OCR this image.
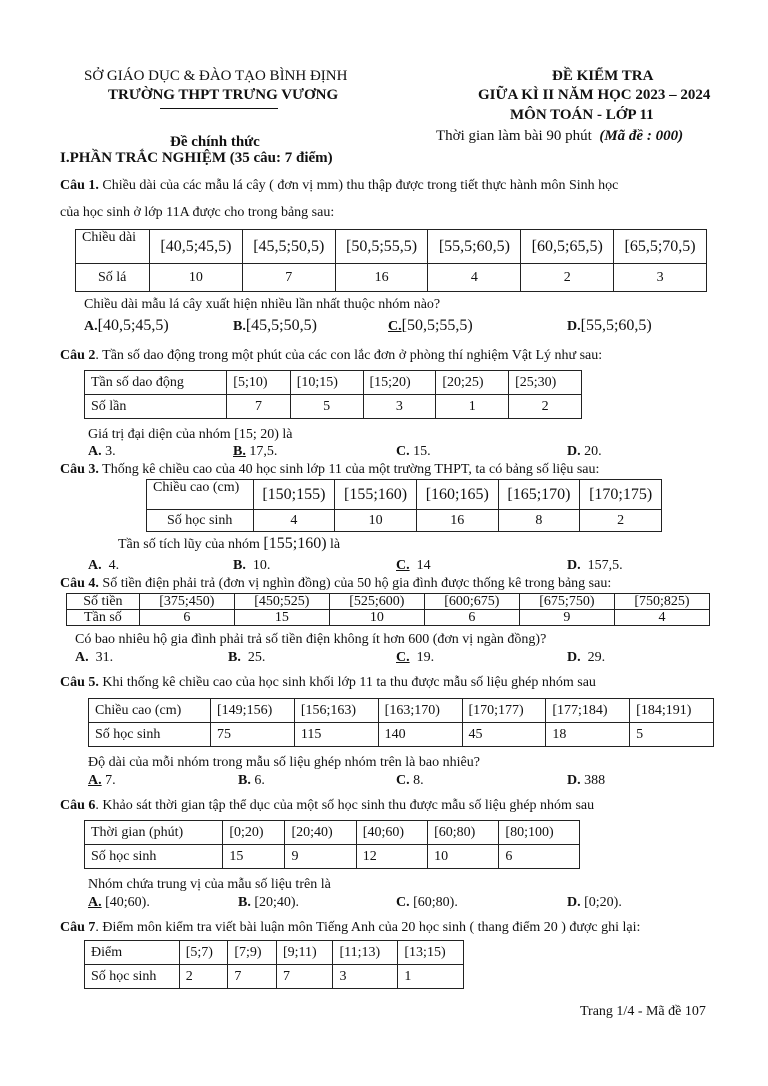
SỞ GIÁO DỤC & ĐÀO TẠO BÌNH ĐỊNH
TRƯỜNG THPT TRƯNG VƯƠNG
Đề chính thức
ĐỀ KIỂM TRA
GIỮA KÌ II NĂM HỌC 2023 – 2024
MÔN TOÁN - LỚP 11
Thời gian làm bài 90 phút (Mã đề : 000)
I.PHẦN TRẮC NGHIỆM (35 câu: 7 điểm)
Câu 1. Chiều dài của các mẫu lá cây ( đơn vị mm) thu thập được trong tiết thực hành môn Sinh học
của học sinh ở lớp 11A được cho trong bảng sau:
Chiều dài	[40,5;45,5)	[45,5;50,5)	[50,5;55,5)	[55,5;60,5)	[60,5;65,5)	[65,5;70,5)
Số lá	10	7	16	4	2	3
Chiều dài mẫu lá cây xuất hiện nhiều lần nhất thuộc nhóm nào?
A.[40,5;45,5)	B.[45,5;50,5)	C.[50,5;55,5)	D.[55,5;60,5)
Câu 2. Tần số dao động trong một phút của các con lắc đơn ở phòng thí nghiệm Vật Lý như sau:
Tần số dao động	[5;10)	[10;15)	[15;20)	[20;25)	[25;30)
Số lần	7	5	3	1	2
Giá trị đại diện của nhóm [15; 20) là
A. 3.	B. 17,5.	C. 15.	D. 20.
Câu 3. Thống kê chiều cao của 40 học sinh lớp 11 của một trường THPT, ta có bảng số liệu sau:
Chiều cao (cm)	[150;155)	[155;160)	[160;165)	[165;170)	[170;175)
Số học sinh	4	10	16	8	2
Tần số tích lũy của nhóm [155;160) là
A. 4.	B. 10.	C. 14	D. 157,5.
Câu 4. Số tiền điện phải trả (đơn vị nghìn đồng) của 50 hộ gia đình được thống kê trong bảng sau:
Số tiền	[375;450)	[450;525)	[525;600)	[600;675)	[675;750)	[750;825)
Tần số	6	15	10	6	9	4
Có bao nhiêu hộ gia đình phải trả số tiền điện không ít hơn 600 (đơn vị ngàn đồng)?
A. 31.	B. 25.	C. 19.	D. 29.
Câu 5. Khi thống kê chiều cao của học sinh khối lớp 11 ta thu được mẫu số liệu ghép nhóm sau
Chiều cao (cm)	[149;156)	[156;163)	[163;170)	[170;177)	[177;184)	[184;191)
Số học sinh	75	115	140	45	18	5
Độ dài của mỗi nhóm trong mẫu số liệu ghép nhóm trên là bao nhiêu?
A. 7.	B. 6.	C. 8.	D. 388
Câu 6. Khảo sát thời gian tập thể dục của một số học sinh thu được mẫu số liệu ghép nhóm sau
Thời gian (phút)	[0;20)	[20;40)	[40;60)	[60;80)	[80;100)
Số học sinh	15	9	12	10	6
Nhóm chứa trung vị của mẫu số liệu trên là
A. [40;60).	B. [20;40).	C. [60;80).	D. [0;20).
Câu 7. Điểm môn kiểm tra viết bài luận môn Tiếng Anh của 20 học sinh ( thang điểm 20 ) được ghi lại:
Điểm	[5;7)	[7;9)	[9;11)	[11;13)	[13;15)
Số học sinh	2	7	7	3	1
Trang 1/4 - Mã đề 107
